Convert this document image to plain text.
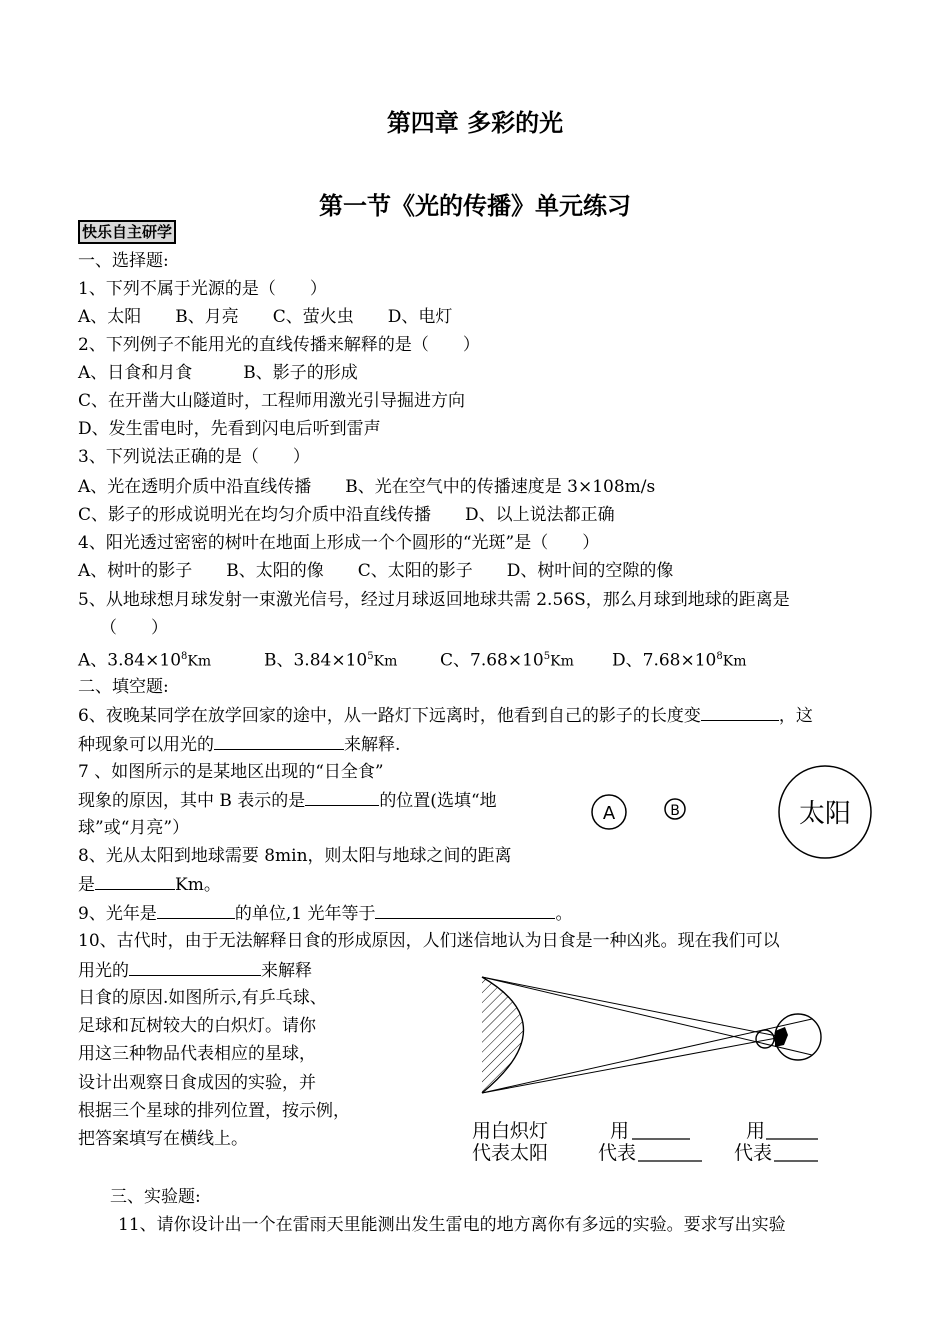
第四章 多彩的光
第一节《光的传播》单元练习
快乐自主研学
一、选择题:
1、下列不属于光源的是（　　）
A、太阳　　B、月亮　　C、萤火虫　　D、电灯
2、下列例子不能用光的直线传播来解释的是（　　）
A、日食和月食　　　B、影子的形成
C、在开凿大山隧道时，工程师用激光引导掘进方向
D、发生雷电时，先看到闪电后听到雷声
3、下列说法正确的是（　　）
A、光在透明介质中沿直线传播　　B、光在空气中的传播速度是 3×108m/s
C、影子的形成说明光在均匀介质中沿直线传播　　D、以上说法都正确
4、阳光透过密密的树叶在地面上形成一个个圆形的“光斑”是（　　）
A、树叶的影子　　B、太阳的像　　C、太阳的影子　　D、树叶间的空隙的像
5、从地球想月球发射一束激光信号，经过月球返回地球共需 2.56S，那么月球到地球的距离是
（　　）
A、$3.84\times 10^8Km$	B、$3.84\times 10^5Km$	C、$7.68\times 10^5Km$ D、$7.68\times 10^8Km$
二、填空题:
6、夜晚某同学在放学回家的途中，从一路灯下远离时，他看到自己的影子的长度变	，这
种现象可以用光的	来解释.
7 、如图所示的是某地区出现的“日全食”
现象的原因，其中 B 表示的是	的位置(选填“地
球”或“月亮”）
A	B	太阳
8、光从太阳到地球需要 8min，则太阳与地球之间的距离
是	Km。
9、光年是	的单位,1 光年等于	。
10、古代时，由于无法解释日食的形成原因，人们迷信地认为日食是一种凶兆。现在我们可以
用光的	来解释
日食的原因.如图所示,有乒乓球、
足球和瓦树较大的白炽灯。请你
用这三种物品代表相应的星球，
设计出观察日食成因的实验，并
根据三个星球的排列位置，按示例，
把答案填写在横线上。	用白炽灯
代表太阳
用
代表
用
代表
三、实验题:
11、请你设计出一个在雷雨天里能测出发生雷电的地方离你有多远的实验。要求写出实验
